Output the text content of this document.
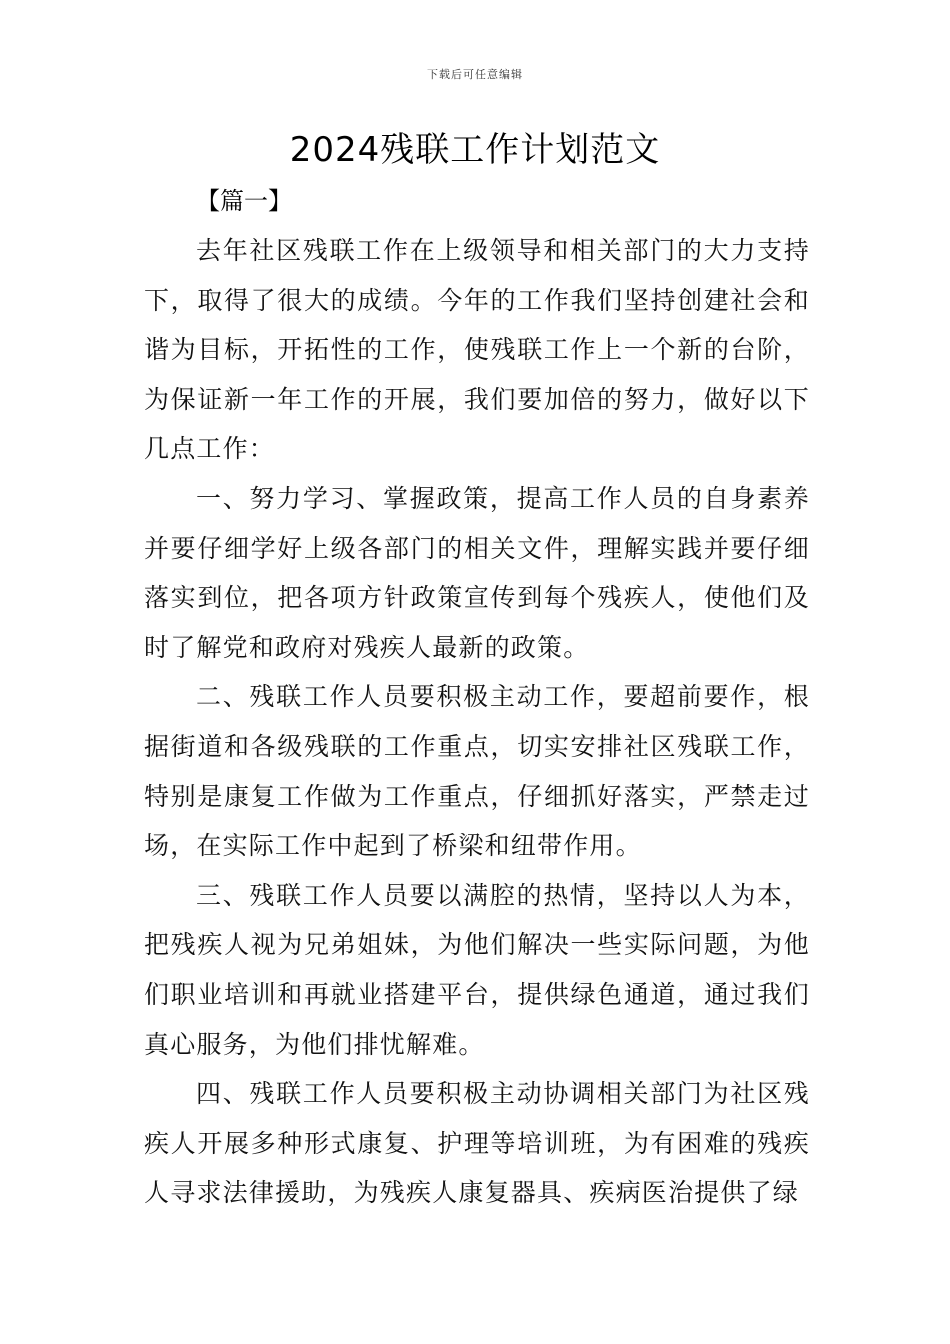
下载后可任意编辑
2024残联工作计划范文
【篇一】

去年社区残联工作在上级领导和相关部门的大力支持下，取得了很大的成绩。今年的工作我们坚持创建社会和谐为目标，开拓性的工作，使残联工作上一个新的台阶，为保证新一年工作的开展，我们要加倍的努力，做好以下几点工作：

一、努力学习、掌握政策，提高工作人员的自身素养并要仔细学好上级各部门的相关文件，理解实践并要仔细落实到位，把各项方针政策宣传到每个残疾人，使他们及时了解党和政府对残疾人最新的政策。

二、残联工作人员要积极主动工作，要超前要作，根据街道和各级残联的工作重点，切实安排社区残联工作，特别是康复工作做为工作重点，仔细抓好落实，严禁走过场，在实际工作中起到了桥梁和纽带作用。

三、残联工作人员要以满腔的热情，坚持以人为本，把残疾人视为兄弟姐妹，为他们解决一些实际问题，为他们职业培训和再就业搭建平台，提供绿色通道，通过我们真心服务，为他们排忧解难。

四、残联工作人员要积极主动协调相关部门为社区残疾人开展多种形式康复、护理等培训班，为有困难的残疾人寻求法律援助，为残疾人康复器具、疾病医治提供了绿
